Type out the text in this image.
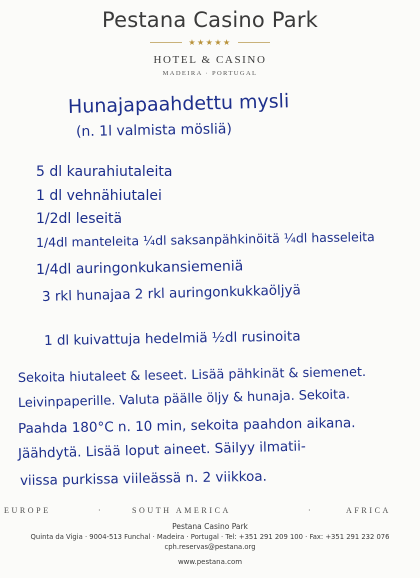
Pestana Casino Park
★★★★★
HOTEL & CASINO
MADEIRA · PORTUGAL
Hunajapaahdettu mysli
(n. 1l valmista mösliä)
5 dl kaurahiutaleita
1 dl vehnähiutalei
1/2dl leseitä
1/4dl manteleita ¼dl saksanpähkinöitä ¼dl hasseleita
1/4dl auringonkukansiemeniä
3 rkl hunajaa 2 rkl auringonkukkaöljyä
1 dl kuivattuja hedelmiä ½dl rusinoita
Sekoita hiutaleet & leseet. Lisää pähkinät & siemenet.
Leivinpaperille. Valuta päälle öljy & hunaja. Sekoita.
Paahda 180°C n. 10 min, sekoita paahdon aikana.
Jäähdytä. Lisää loput aineet. Säilyy ilmatii-
viissa purkissa viileässä n. 2 viikkoa.
EUROPE	·	SOUTH AMERICA	·	AFRICA
Pestana Casino Park
Quinta da Vigia · 9004-513 Funchal · Madeira · Portugal · Tel: +351 291 209 100 · Fax: +351 291 232 076
cph.reservas@pestana.org
www.pestana.com
